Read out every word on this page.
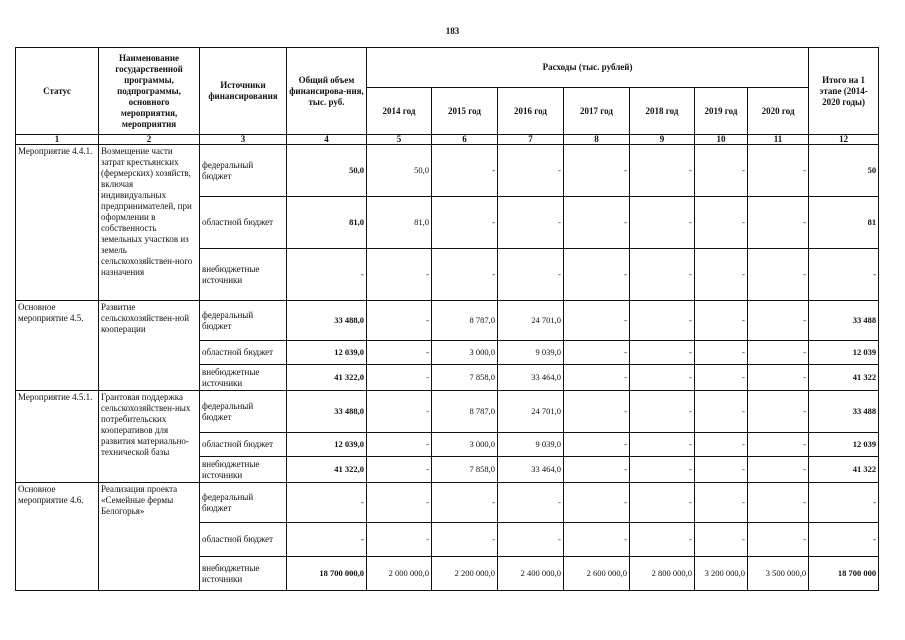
183
Статус	Наименование государственной программы, подпрограммы, основного мероприятия, мероприятия	Источники финансирования	Общий объем финансирова-ния, тыс. руб.	Расходы (тыс. рублей)							Итого на 1 этапе (2014-2020 годы)
				2014 год	2015 год	2016 год	2017 год	2018 год	2019 год	2020 год	
1	2	3	4	5	6	7	8	9	10	11	12
Мероприятие 4.4.1.	Возмещение части затрат крестьянских (фермерских) хозяйств, включая индивидуальных предпринимателей, при оформлении в собственность земельных участков из земель сельскохозяйствен-ного назначения	федеральный бюджет	50,0	50,0	-	-	-	-	-	-	50
		областной бюджет	81,0	81,0	-	-	-	-	-	-	81
		внебюджетные источники	-	-	-	-	-	-	-	-	-
Основное мероприятие 4.5.	Развитие сельскохозяйствен-ной кооперации	федеральный бюджет	33 488,0	-	8 787,0	24 701,0	-	-	-	-	33 488
		областной бюджет	12 039,0	-	3 000,0	9 039,0	-	-	-	-	12 039
		внебюджетные источники	41 322,0	-	7 858,0	33 464,0	-	-	-	-	41 322
Мероприятие 4.5.1.	Грантовая поддержка сельскохозяйствен-ных потребительских кооперативов для развития материально-технической базы	федеральный бюджет	33 488,0	-	8 787,0	24 701,0	-	-	-	-	33 488
		областной бюджет	12 039,0	-	3 000,0	9 039,0	-	-	-	-	12 039
		внебюджетные источники	41 322,0	-	7 858,0	33 464,0	-	-	-	-	41 322
Основное мероприятие 4.6.	Реализация проекта «Семейные фермы Белогорья»	федеральный бюджет	-	-	-	-	-	-	-	-	-
		областной бюджет	-	-	-	-	-	-	-	-	-
		внебюджетные источники	18 700 000,0	2 000 000,0	2 200 000,0	2 400 000,0	2 600 000,0	2 800 000,0	3 200 000,0	3 500 000,0	18 700 000
